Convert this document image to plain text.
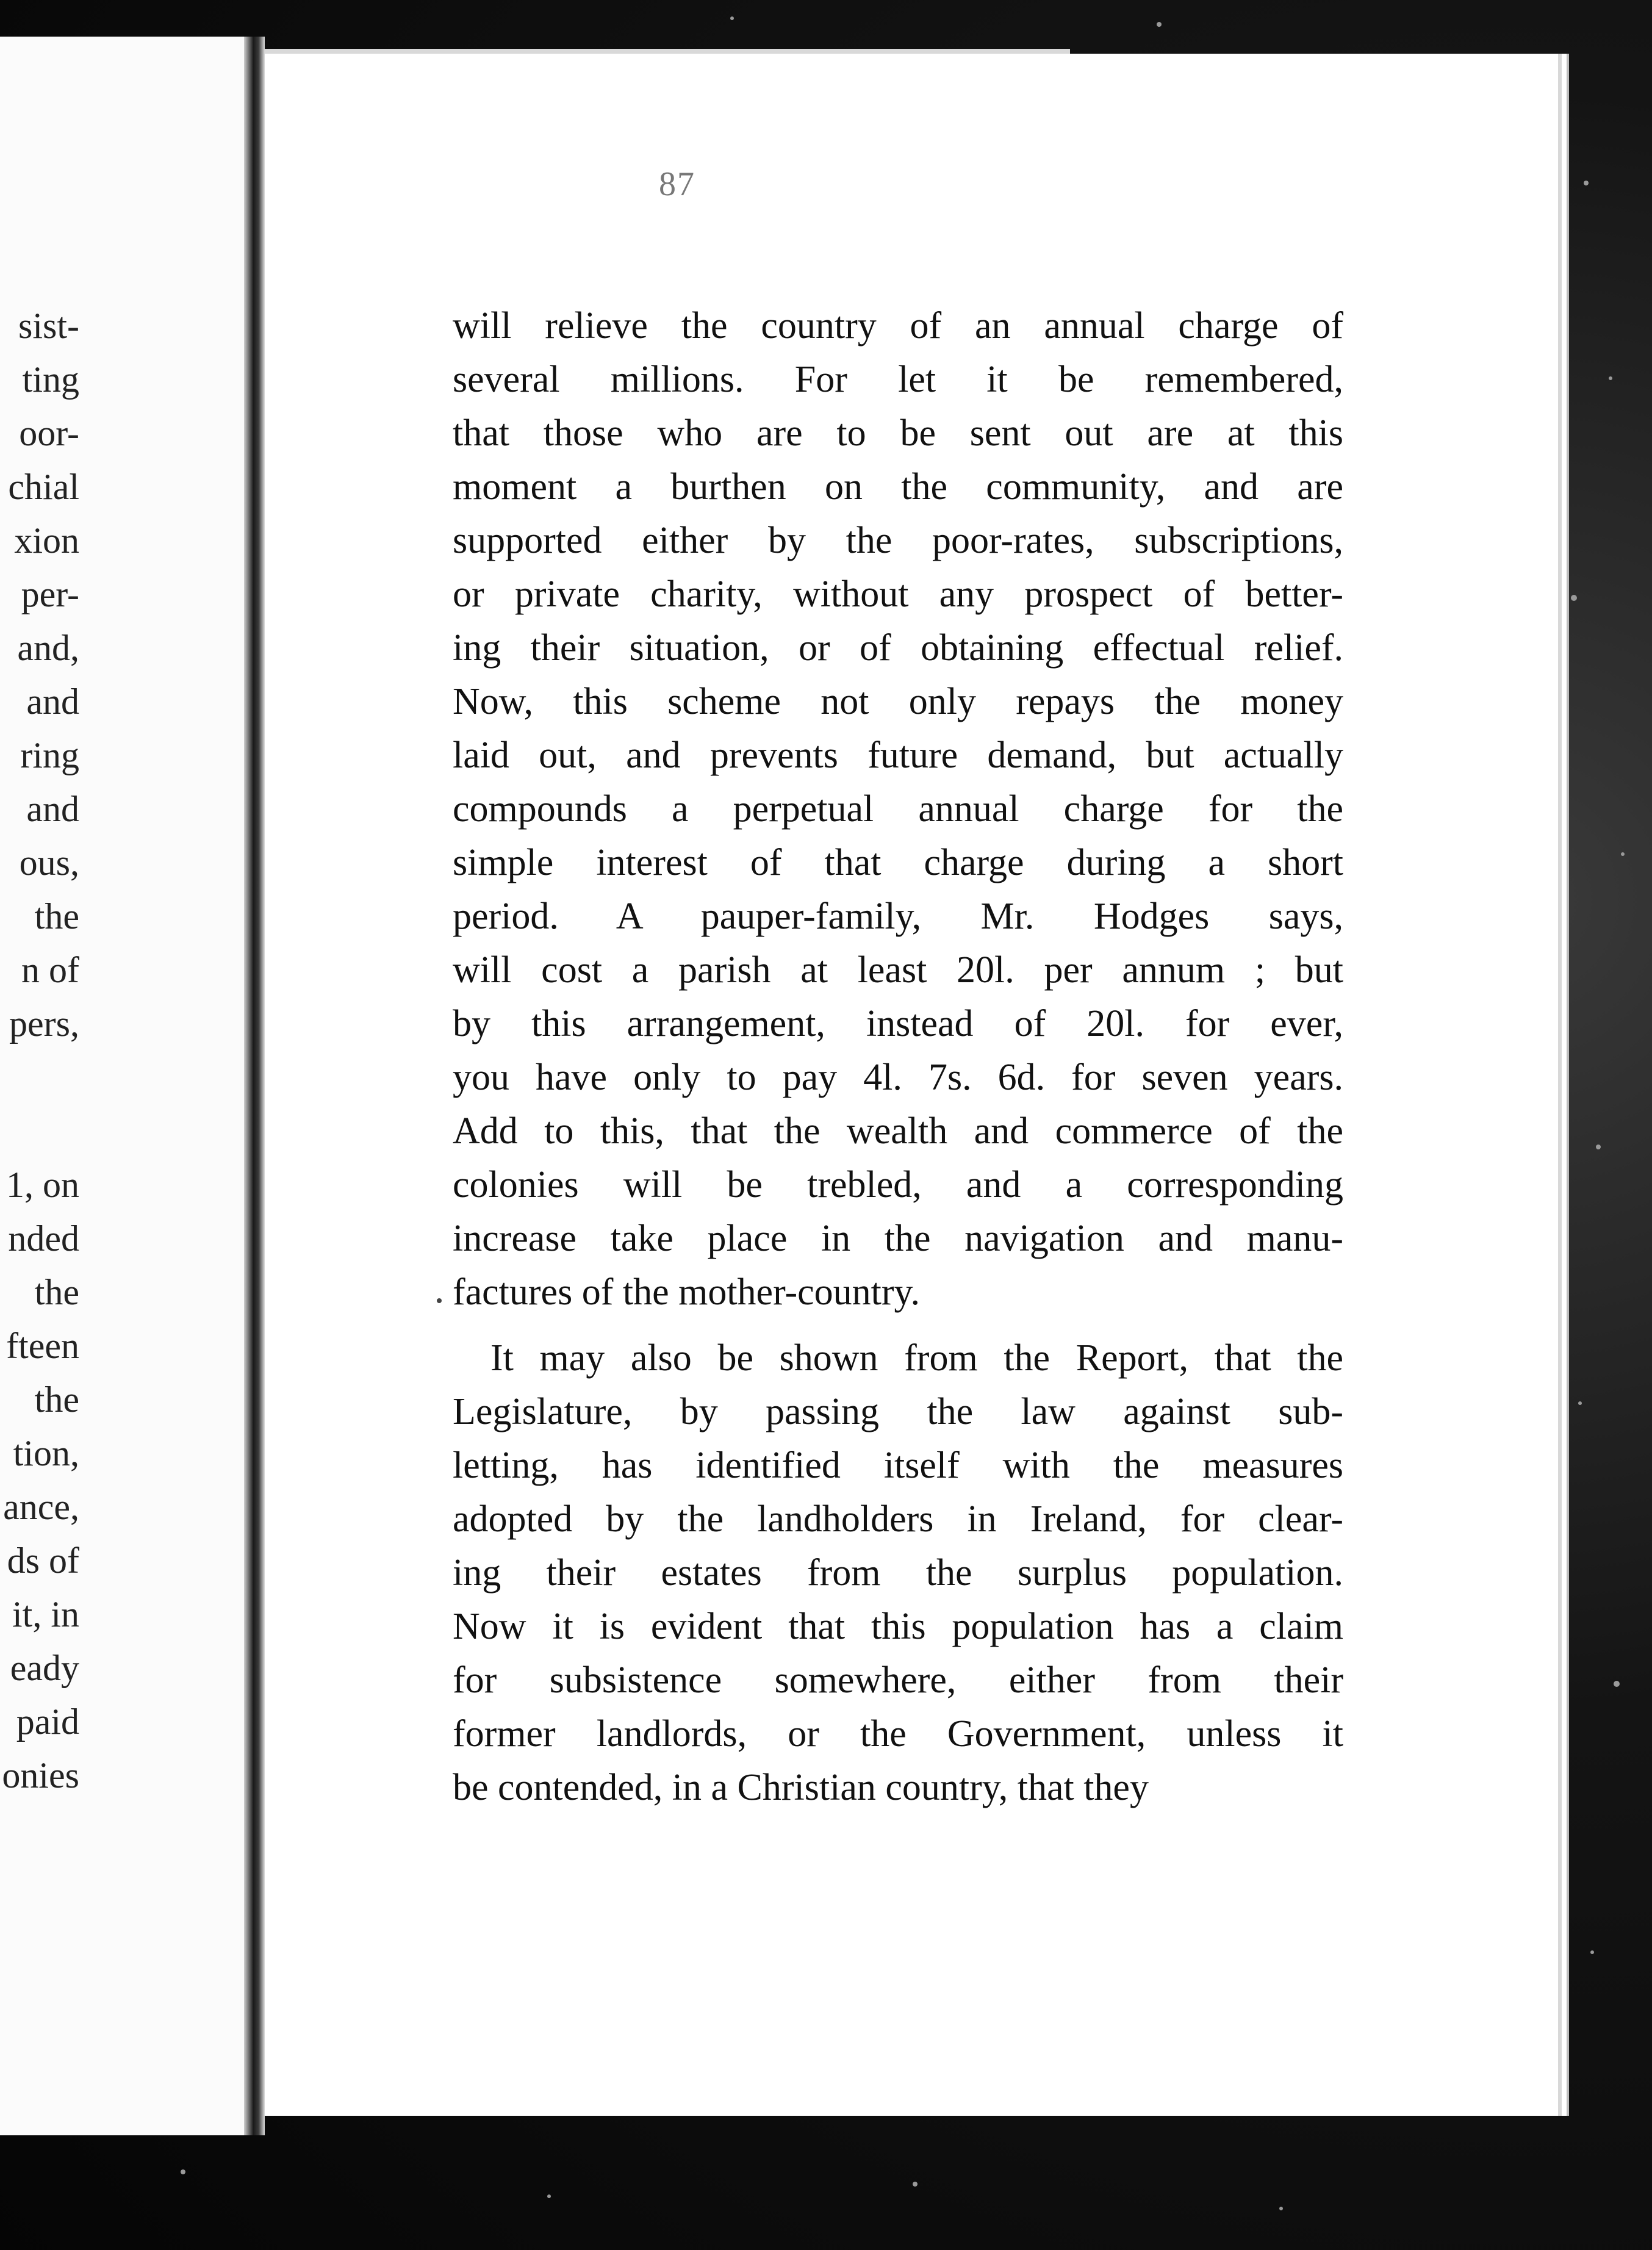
sist-
ting
oor-
chial
xion
per-
and,
and
ring
and
ous,
the
n of
pers,
1, on
nded
the
fteen
the
tion,
ance,
ds of
it, in
eady
paid
onies
87
will relieve the country of an annual charge of
several millions. For let it be remembered,
that those who are to be sent out are at this
moment a burthen on the community, and are
supported either by the poor-rates, subscriptions,
or private charity, without any prospect of better-
ing their situation, or of obtaining effectual relief.
Now, this scheme not only repays the money
laid out, and prevents future demand, but actually
compounds a perpetual annual charge for the
simple interest of that charge during a short
period. A pauper-family, Mr. Hodges says,
will cost a parish at least 20l. per annum ; but
by this arrangement, instead of 20l. for ever,
you have only to pay 4l. 7s. 6d. for seven years.
Add to this, that the wealth and commerce of the
colonies will be trebled, and a corresponding
increase take place in the navigation and manu-
factures of the mother-country.
It may also be shown from the Report, that the
Legislature, by passing the law against sub-
letting, has identified itself with the measures
adopted by the landholders in Ireland, for clear-
ing their estates from the surplus population.
Now it is evident that this population has a claim
for subsistence somewhere, either from their
former landlords, or the Government, unless it
be contended, in a Christian country, that they
